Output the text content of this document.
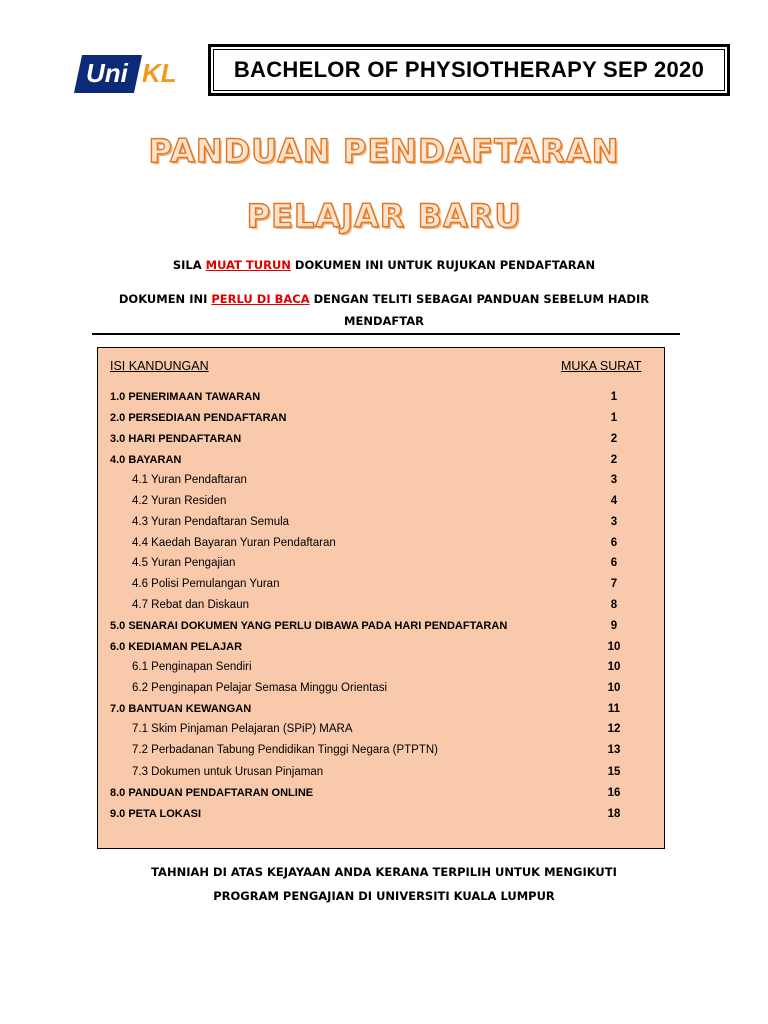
Uni KL	BACHELOR OF PHYSIOTHERAPY SEP 2020
PANDUAN PENDAFTARAN
PELAJAR BARU
SILA MUAT TURUN DOKUMEN INI UNTUK RUJUKAN PENDAFTARAN
DOKUMEN INI PERLU DI BACA DENGAN TELITI SEBAGAI PANDUAN SEBELUM HADIR
MENDAFTAR
ISI KANDUNGAN	MUKA SURAT
1.0 PENERIMAAN TAWARAN	1
2.0 PERSEDIAAN PENDAFTARAN	1
3.0 HARI PENDAFTARAN	2
4.0 BAYARAN	2
4.1 Yuran Pendaftaran	3
4.2 Yuran Residen	4
4.3 Yuran Pendaftaran Semula	3
4.4 Kaedah Bayaran Yuran Pendaftaran	6
4.5 Yuran Pengajian	6
4.6 Polisi Pemulangan Yuran	7
4.7 Rebat dan Diskaun	8
5.0 SENARAI DOKUMEN YANG PERLU DIBAWA PADA HARI PENDAFTARAN	9
6.0 KEDIAMAN PELAJAR	10
6.1 Penginapan Sendiri	10
6.2 Penginapan Pelajar Semasa Minggu Orientasi	10
7.0 BANTUAN KEWANGAN	11
7.1 Skim Pinjaman Pelajaran (SPiP) MARA	12
7.2 Perbadanan Tabung Pendidikan Tinggi Negara (PTPTN)	13
7.3 Dokumen untuk Urusan Pinjaman	15
8.0 PANDUAN PENDAFTARAN ONLINE	16
9.0 PETA LOKASI	18
TAHNIAH DI ATAS KEJAYAAN ANDA KERANA TERPILIH UNTUK MENGIKUTI
PROGRAM PENGAJIAN DI UNIVERSITI KUALA LUMPUR
